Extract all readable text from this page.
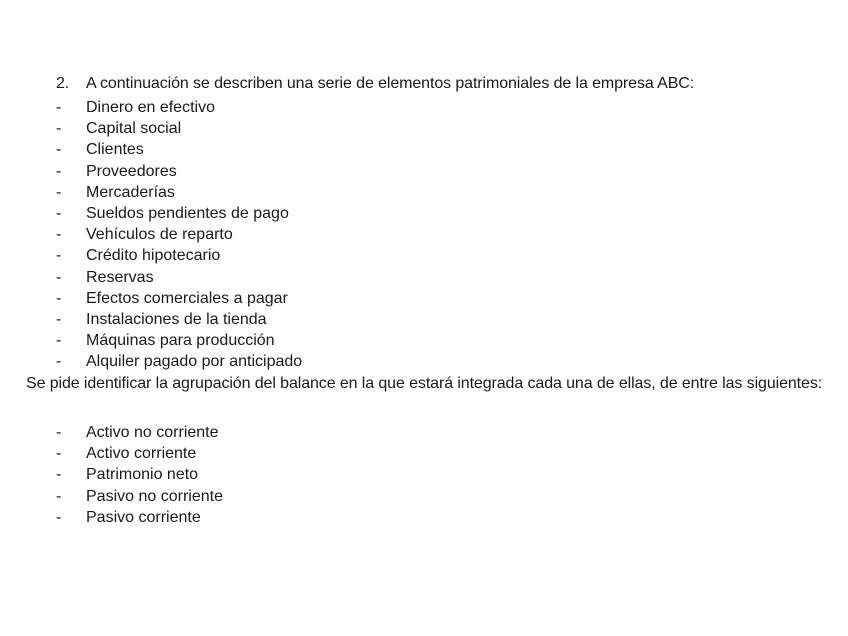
2. A continuación se describen una serie de elementos patrimoniales de la empresa ABC:
-	Dinero en efectivo
-	Capital social
-	Clientes
-	Proveedores
-	Mercaderías
-	Sueldos pendientes de pago
-	Vehículos de reparto
-	Crédito hipotecario
-	Reservas
-	Efectos comerciales a pagar
-	Instalaciones de la tienda
-	Máquinas para producción
-	Alquiler pagado por anticipado
Se pide identificar la agrupación del balance en la que estará integrada cada una de ellas, de entre las siguientes:
-	Activo no corriente
-	Activo corriente
-	Patrimonio neto
-	Pasivo no corriente
-	Pasivo corriente
